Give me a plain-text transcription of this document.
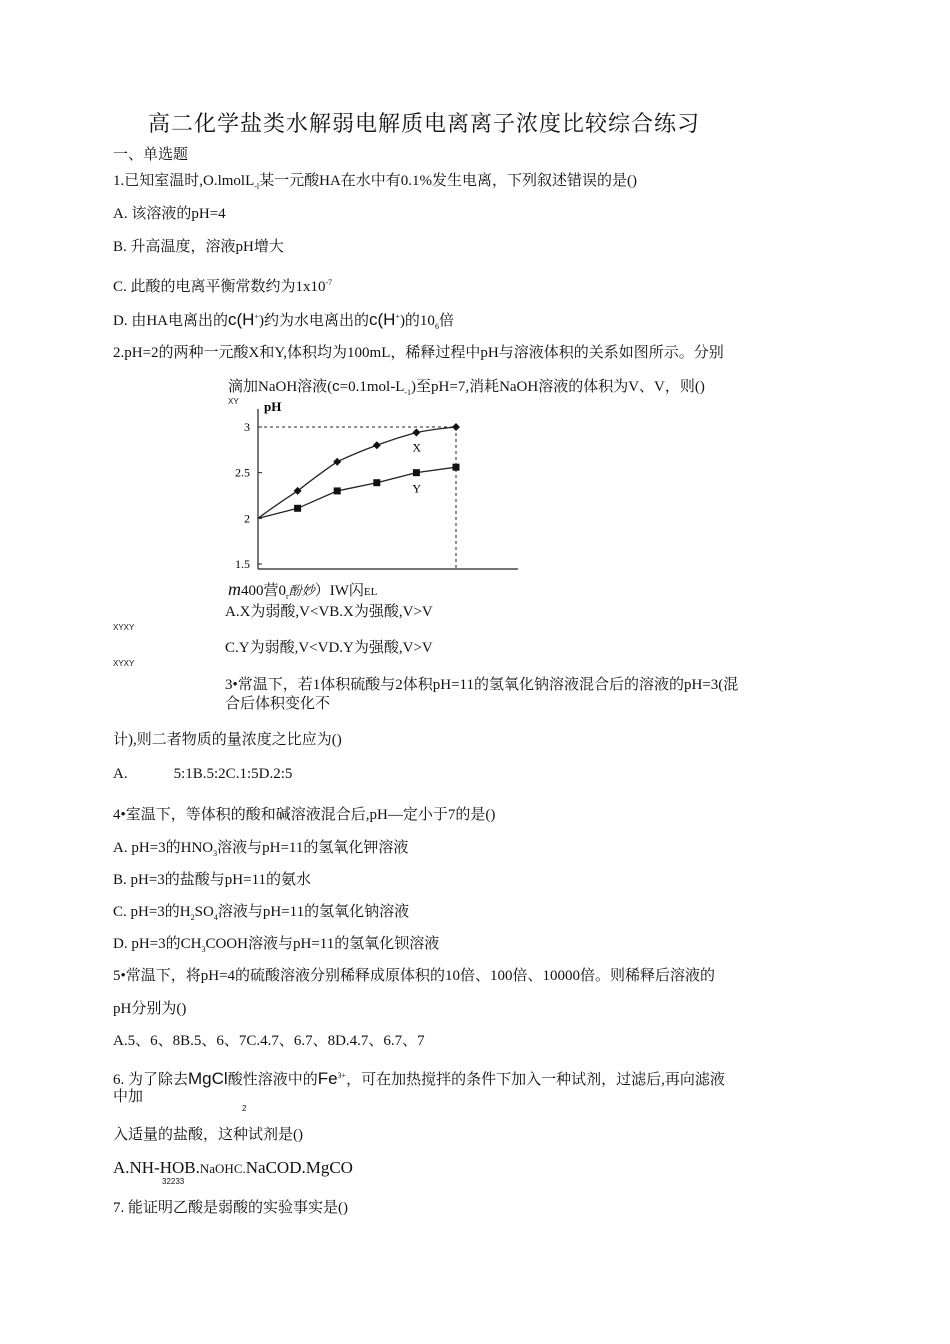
高二化学盐类水解弱电解质电离离子浓度比较综合练习
一、单选题
1.已知室温时,O.lmolL$_{-l}$某一元酸HA在水中有0.1%发生电离，下列叙述错误的是()
A. 该溶液的pH=4
B. 升高温度，溶液pH增大
C. 此酸的电离平衡常数约为$1x10^{-7}$
D. 由HA电离出的c(H+)约为水电离出的c(H+)的$10_6$倍
2.pH=2的两种一元酸X和Y,体积均为100mL，稀释过程中pH与溶液体积的关系如图所示。分别
滴加NaOH溶液$(c=0.1mol-L_{-1})$至pH=7,消耗NaOH溶液的体积为V、V，则()
XY pH
3
2.5
2
1.5
X
Y
m400营$0_r$酚妙）IW闪EL
A.X为弱酸,V<VB.X为强酸,V>V
XYXY
C.Y为弱酸,V<VD.Y为强酸,V>V
XYXY
3•常温下，若1体积硫酸与2体积pH=11的氢氧化钠溶液混合后的溶液的pH=3(混
合后体积变化不
计),则二者物质的量浓度之比应为()
A.	5:1B.5:2C.1:5D.2:5
4•室温下，等体积的酸和碱溶液混合后,pH—定小于7的是()
A. pH=3的$HNO_3$溶液与pH=11的氢氧化钾溶液
B. pH=3的盐酸与pH=11的氨水
C. pH=3的$H_2SO_4$溶液与pH=11的氢氧化钠溶液
D. pH=3的$CH_3COOH$溶液与pH=11的氢氧化钡溶液
5•常温下，将pH=4的硫酸溶液分别稀释成原体积的10倍、100倍、10000倍。则稀释后溶液的
pH分别为()
A.5、6、8B.5、6、7C.4.7、6.7、8D.4.7、6.7、7
6. 为了除去MgCl酸性溶液中的$Fe^{3+}$，可在加热搅拌的条件下加入一种试剂，过滤后,再向滤液
中加
2
入适量的盐酸，这种试剂是()
A.NH-HOB.NaOHC.NaCOD.MgCO
32233
7. 能证明乙酸是弱酸的实验事实是()
